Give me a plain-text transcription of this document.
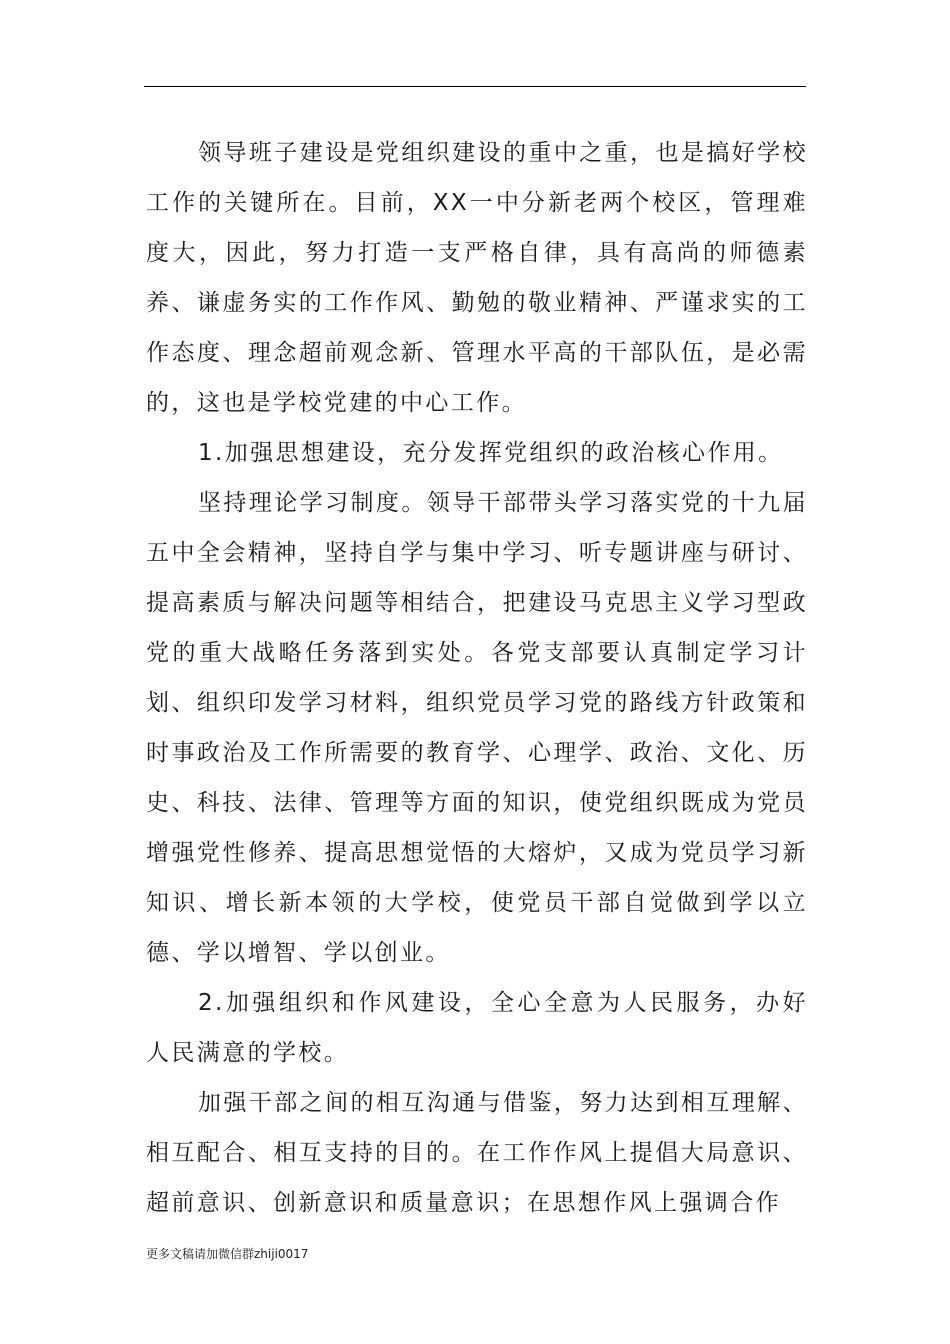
领导班子建设是党组织建设的重中之重，也是搞好学校工作的关键所在。目前，XX一中分新老两个校区，管理难度大，因此，努力打造一支严格自律，具有高尚的师德素养、谦虚务实的工作作风、勤勉的敬业精神、严谨求实的工作态度、理念超前观念新、管理水平高的干部队伍，是必需的，这也是学校党建的中心工作。

1.加强思想建设，充分发挥党组织的政治核心作用。

坚持理论学习制度。领导干部带头学习落实党的十九届五中全会精神，坚持自学与集中学习、听专题讲座与研讨、提高素质与解决问题等相结合，把建设马克思主义学习型政党的重大战略任务落到实处。各党支部要认真制定学习计划、组织印发学习材料，组织党员学习党的路线方针政策和时事政治及工作所需要的教育学、心理学、政治、文化、历史、科技、法律、管理等方面的知识，使党组织既成为党员增强党性修养、提高思想觉悟的大熔炉，又成为党员学习新知识、增长新本领的大学校，使党员干部自觉做到学以立德、学以增智、学以创业。

2.加强组织和作风建设，全心全意为人民服务，办好人民满意的学校。

加强干部之间的相互沟通与借鉴，努力达到相互理解、相互配合、相互支持的目的。在工作作风上提倡大局意识、超前意识、创新意识和质量意识；在思想作风上强调合作

更多文稿请加微信群zhiji0017
